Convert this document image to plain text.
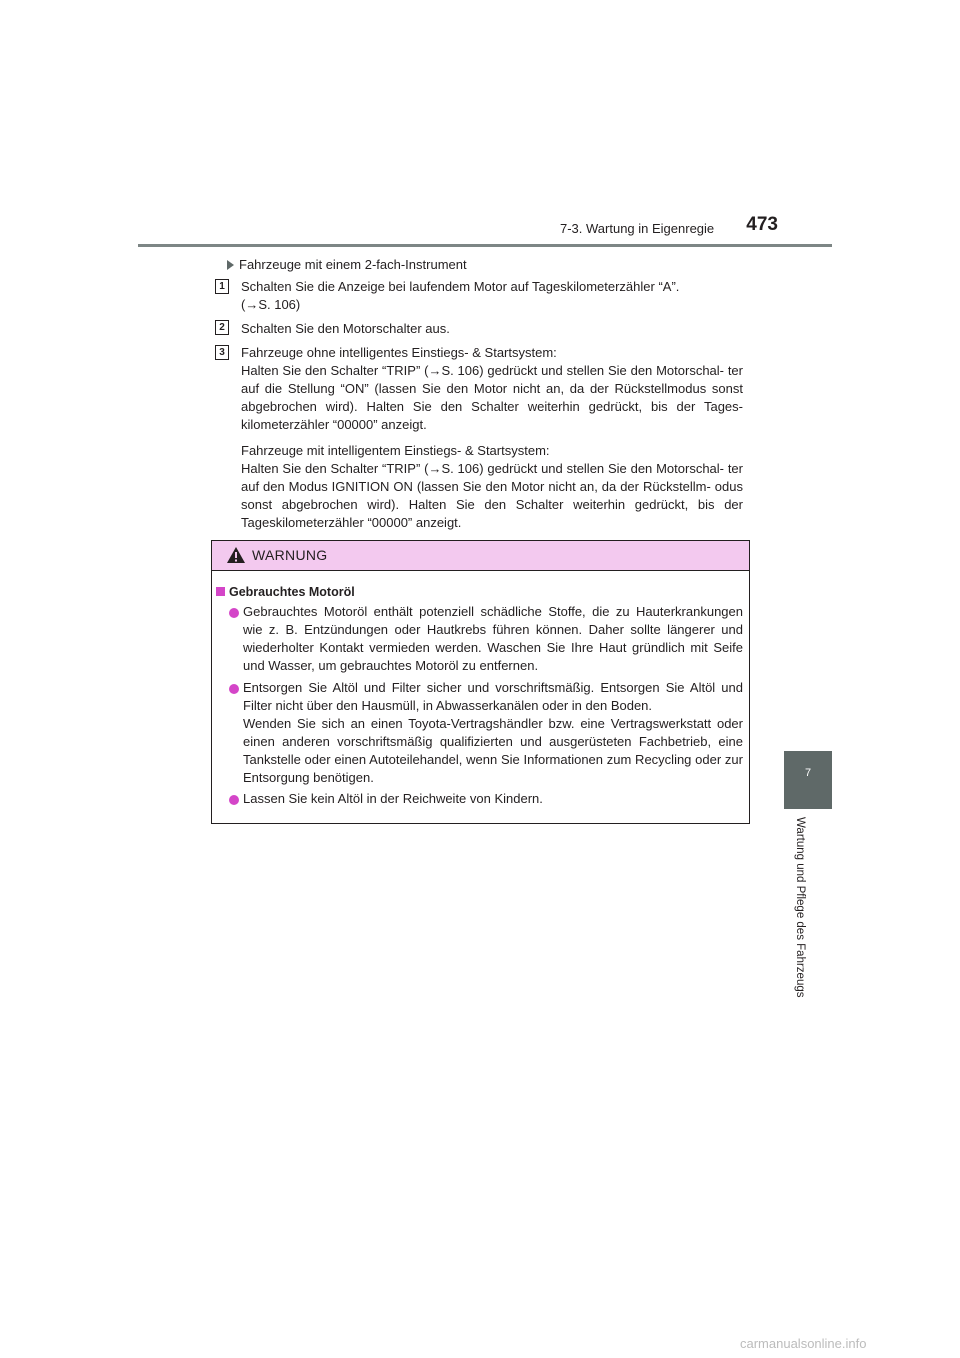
7-3. Wartung in Eigenregie	473
7
Wartung und Pflege des Fahrzeugs
Fahrzeuge mit einem 2-fach-Instrument
1	Schalten Sie die Anzeige bei laufendem Motor auf Tageskilometerzähler “A”.
(→S. 106)
2	Schalten Sie den Motorschalter aus.
3	Fahrzeuge ohne intelligentes Einstiegs- & Startsystem:
Halten Sie den Schalter “TRIP” (→S. 106) gedrückt und stellen Sie den Motorschal- ter auf die Stellung “ON” (lassen Sie den Motor nicht an, da der Rückstellmodus sonst abgebrochen wird). Halten Sie den Schalter weiterhin gedrückt, bis der Tages- kilometerzähler “00000” anzeigt.
Fahrzeuge mit intelligentem Einstiegs- & Startsystem:
Halten Sie den Schalter “TRIP” (→S. 106) gedrückt und stellen Sie den Motorschal- ter auf den Modus IGNITION ON (lassen Sie den Motor nicht an, da der Rückstellm- odus sonst abgebrochen wird). Halten Sie den Schalter weiterhin gedrückt, bis der Tageskilometerzähler “00000” anzeigt.
WARNUNG
Gebrauchtes Motoröl
Gebrauchtes Motoröl enthält potenziell schädliche Stoffe, die zu Hauterkrankungen wie z. B. Entzündungen oder Hautkrebs führen können. Daher sollte längerer und wiederholter Kontakt vermieden werden. Waschen Sie Ihre Haut gründlich mit Seife und Wasser, um gebrauchtes Motoröl zu entfernen.
Entsorgen Sie Altöl und Filter sicher und vorschriftsmäßig. Entsorgen Sie Altöl und Filter nicht über den Hausmüll, in Abwasserkanälen oder in den Boden.
Wenden Sie sich an einen Toyota-Vertragshändler bzw. eine Vertragswerkstatt oder einen anderen vorschriftsmäßig qualifizierten und ausgerüsteten Fachbetrieb, eine Tankstelle oder einen Autoteilehandel, wenn Sie Informationen zum Recycling oder zur Entsorgung benötigen.
Lassen Sie kein Altöl in der Reichweite von Kindern.
carmanualsonline.info
